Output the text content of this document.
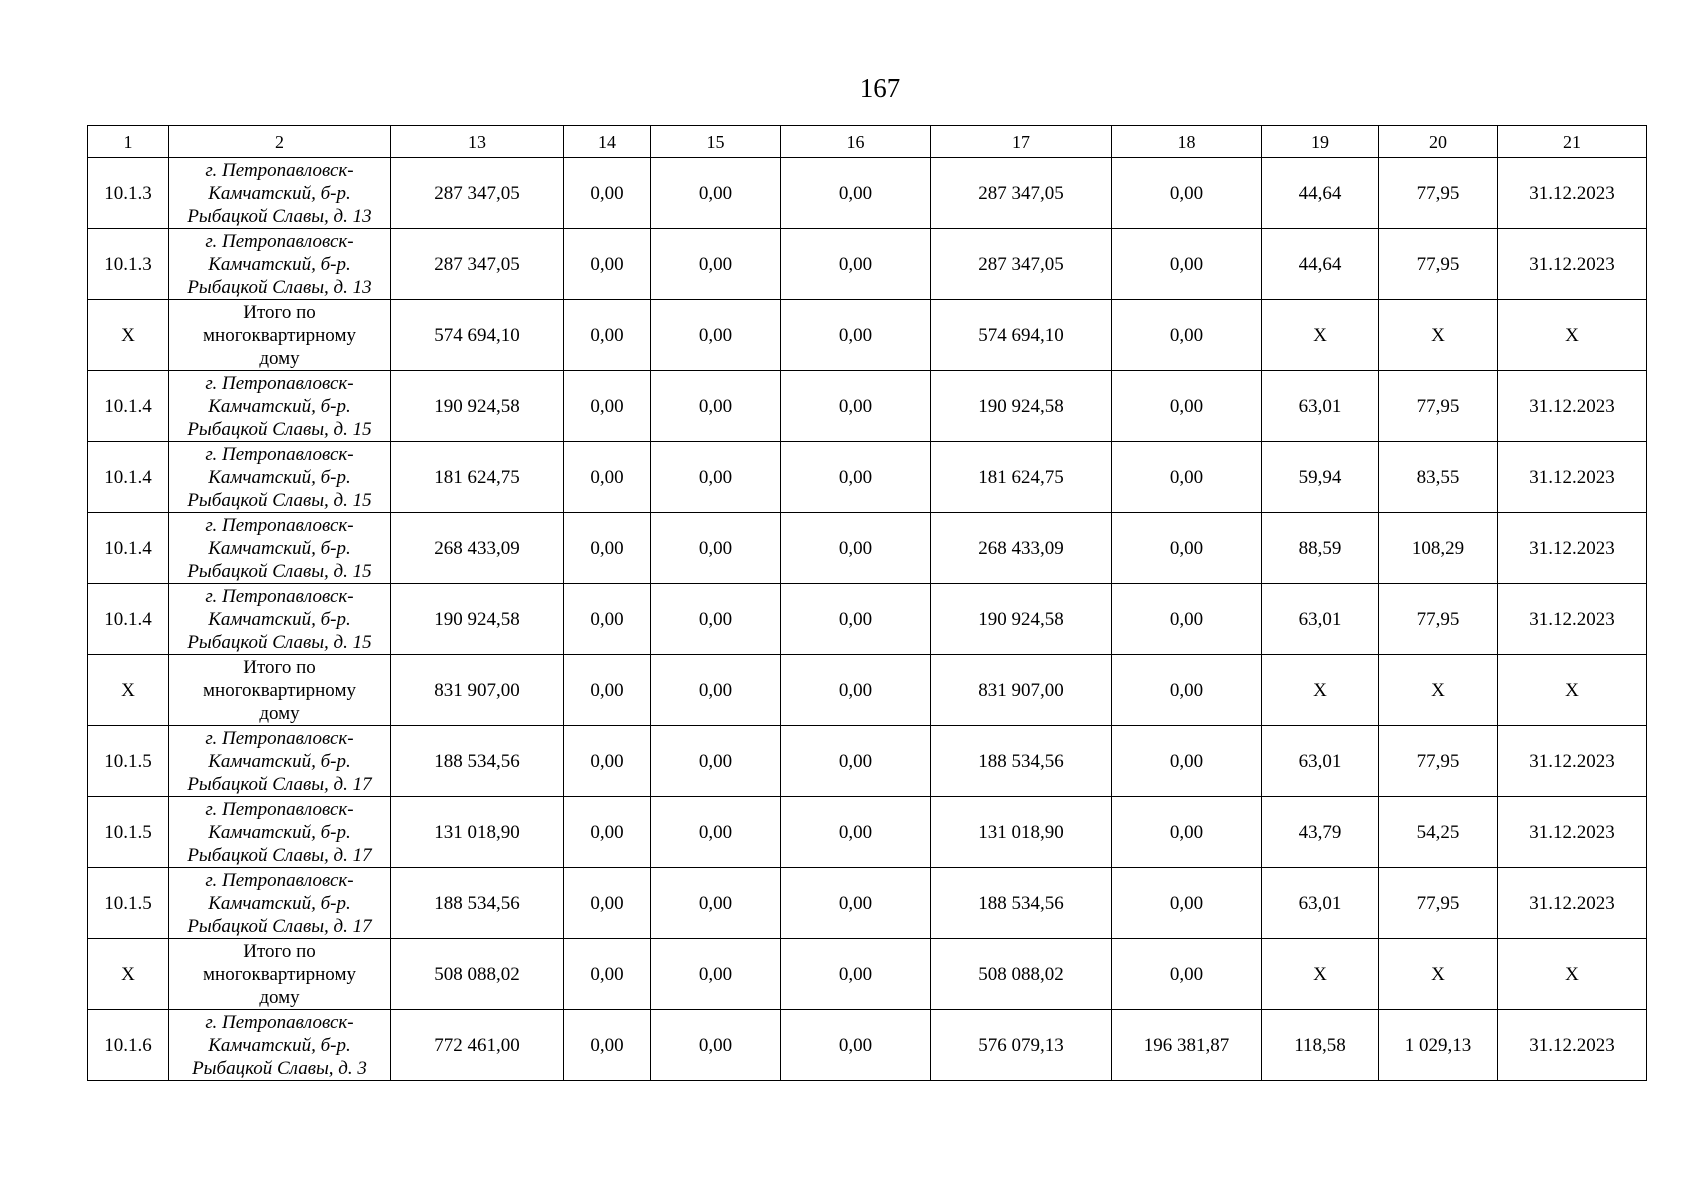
167
1	2	13	14	15	16	17	18	19	20	21
10.1.3	г. Петропавловск-
Камчатский, б-р.
Рыбацкой Славы, д. 13	287 347,05	0,00	0,00	0,00	287 347,05	0,00	44,64	77,95	31.12.2023
10.1.3	г. Петропавловск-
Камчатский, б-р.
Рыбацкой Славы, д. 13	287 347,05	0,00	0,00	0,00	287 347,05	0,00	44,64	77,95	31.12.2023
X	Итого по
многоквартирному
дому	574 694,10	0,00	0,00	0,00	574 694,10	0,00	X	X	X
10.1.4	г. Петропавловск-
Камчатский, б-р.
Рыбацкой Славы, д. 15	190 924,58	0,00	0,00	0,00	190 924,58	0,00	63,01	77,95	31.12.2023
10.1.4	г. Петропавловск-
Камчатский, б-р.
Рыбацкой Славы, д. 15	181 624,75	0,00	0,00	0,00	181 624,75	0,00	59,94	83,55	31.12.2023
10.1.4	г. Петропавловск-
Камчатский, б-р.
Рыбацкой Славы, д. 15	268 433,09	0,00	0,00	0,00	268 433,09	0,00	88,59	108,29	31.12.2023
10.1.4	г. Петропавловск-
Камчатский, б-р.
Рыбацкой Славы, д. 15	190 924,58	0,00	0,00	0,00	190 924,58	0,00	63,01	77,95	31.12.2023
X	Итого по
многоквартирному
дому	831 907,00	0,00	0,00	0,00	831 907,00	0,00	X	X	X
10.1.5	г. Петропавловск-
Камчатский, б-р.
Рыбацкой Славы, д. 17	188 534,56	0,00	0,00	0,00	188 534,56	0,00	63,01	77,95	31.12.2023
10.1.5	г. Петропавловск-
Камчатский, б-р.
Рыбацкой Славы, д. 17	131 018,90	0,00	0,00	0,00	131 018,90	0,00	43,79	54,25	31.12.2023
10.1.5	г. Петропавловск-
Камчатский, б-р.
Рыбацкой Славы, д. 17	188 534,56	0,00	0,00	0,00	188 534,56	0,00	63,01	77,95	31.12.2023
X	Итого по
многоквартирному
дому	508 088,02	0,00	0,00	0,00	508 088,02	0,00	X	X	X
10.1.6	г. Петропавловск-
Камчатский, б-р.
Рыбацкой Славы, д. 3	772 461,00	0,00	0,00	0,00	576 079,13	196 381,87	118,58	1 029,13	31.12.2023
